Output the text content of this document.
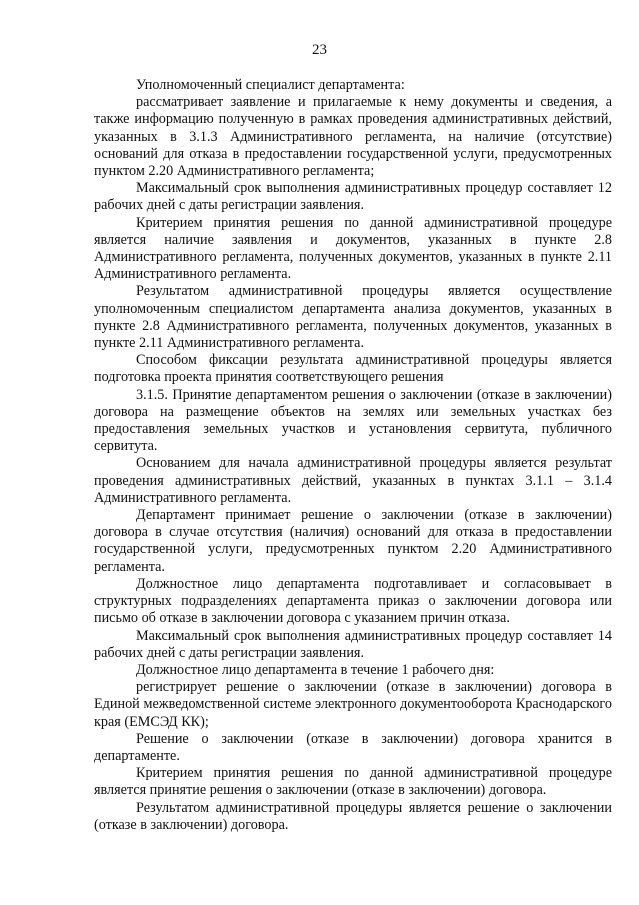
23

Уполномоченный специалист департамента:

рассматривает заявление и прилагаемые к нему документы и сведения, а также информацию полученную в рамках проведения административных действий, указанных в 3.1.3 Административного регламента, на наличие (отсутствие) оснований для отказа в предоставлении государственной услуги, предусмотренных пунктом 2.20 Административного регламента;

Максимальный срок выполнения административных процедур составляет 12 рабочих дней с даты регистрации заявления.

Критерием принятия решения по данной административной процедуре является наличие заявления и документов, указанных в пункте 2.8 Административного регламента, полученных документов, указанных в пункте 2.11 Административного регламента.

Результатом административной процедуры является осуществление уполномоченным специалистом департамента анализа документов, указанных в пункте 2.8 Административного регламента, полученных документов, указанных в пункте 2.11 Административного регламента.

Способом фиксации результата административной процедуры является подготовка проекта принятия соответствующего решения

3.1.5. Принятие департаментом решения о заключении (отказе в заключении) договора на размещение объектов на землях или земельных участках без предоставления земельных участков и установления сервитута, публичного сервитута.

Основанием для начала административной процедуры является результат проведения административных действий, указанных в пунктах 3.1.1 – 3.1.4 Административного регламента.

Департамент принимает решение о заключении (отказе в заключении) договора в случае отсутствия (наличия) оснований для отказа в предоставлении государственной услуги, предусмотренных пунктом 2.20 Административного регламента.

Должностное лицо департамента подготавливает и согласовывает в структурных подразделениях департамента приказ о заключении договора или письмо об отказе в заключении договора с указанием причин отказа.

Максимальный срок выполнения административных процедур составляет 14 рабочих дней с даты регистрации заявления.

Должностное лицо департамента в течение 1 рабочего дня:

регистрирует решение о заключении (отказе в заключении) договора в Единой межведомственной системе электронного документооборота Краснодарского края (ЕМСЭД КК);

Решение о заключении (отказе в заключении) договора хранится в департаменте.

Критерием принятия решения по данной административной процедуре является принятие решения о заключении (отказе в заключении) договора.

Результатом административной процедуры является решение о заключении (отказе в заключении) договора.
